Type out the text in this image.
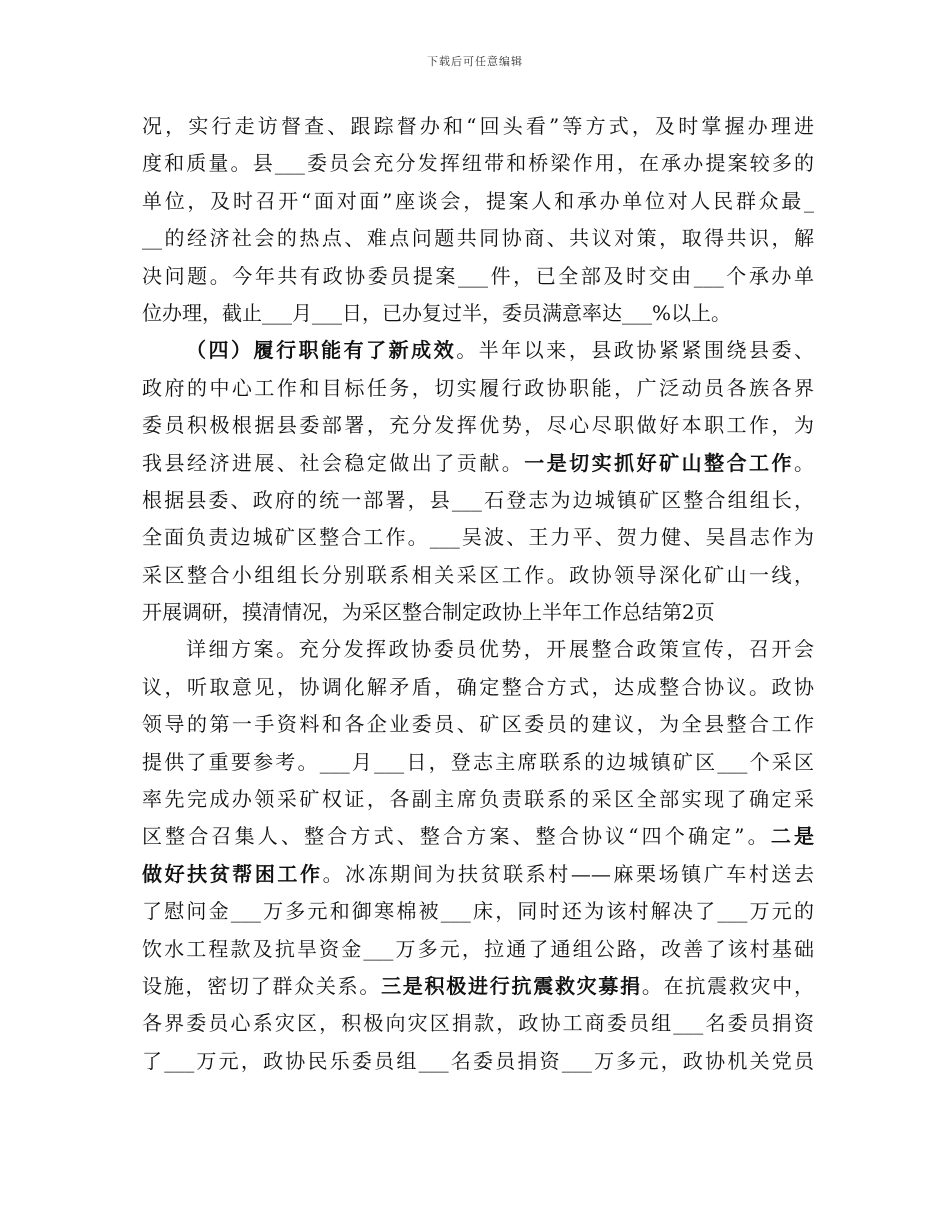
下载后可任意编辑
况，实行走访督查、跟踪督办和“回头看”等方式，及时掌握办理进
度和质量。县___委员会充分发挥纽带和桥梁作用，在承办提案较多的
单位，及时召开“面对面”座谈会，提案人和承办单位对人民群众最_
__的经济社会的热点、难点问题共同协商、共议对策，取得共识，解
决问题。今年共有政协委员提案___件，已全部及时交由___个承办单
位办理，截止___月___日，已办复过半，委员满意率达___%以上。
（四）履行职能有了新成效。半年以来，县政协紧紧围绕县委、
政府的中心工作和目标任务，切实履行政协职能，广泛动员各族各界
委员积极根据县委部署，充分发挥优势，尽心尽职做好本职工作，为
我县经济进展、社会稳定做出了贡献。一是切实抓好矿山整合工作。
根据县委、政府的统一部署，县___石登志为边城镇矿区整合组组长，
全面负责边城矿区整合工作。___吴波、王力平、贺力健、吴昌志作为
采区整合小组组长分别联系相关采区工作。政协领导深化矿山一线，
开展调研，摸清情况，为采区整合制定政协上半年工作总结第2页
详细方案。充分发挥政协委员优势，开展整合政策宣传，召开会
议，听取意见，协调化解矛盾，确定整合方式，达成整合协议。政协
领导的第一手资料和各企业委员、矿区委员的建议，为全县整合工作
提供了重要参考。___月___日，登志主席联系的边城镇矿区___个采区
率先完成办领采矿权证，各副主席负责联系的采区全部实现了确定采
区整合召集人、整合方式、整合方案、整合协议“四个确定”。二是
做好扶贫帮困工作。冰冻期间为扶贫联系村——麻栗场镇广车村送去
了慰问金___万多元和御寒棉被___床，同时还为该村解决了___万元的
饮水工程款及抗旱资金___万多元，拉通了通组公路，改善了该村基础
设施，密切了群众关系。三是积极进行抗震救灾募捐。在抗震救灾中，
各界委员心系灾区，积极向灾区捐款，政协工商委员组___名委员捐资
了___万元，政协民乐委员组___名委员捐资___万多元，政协机关党员
